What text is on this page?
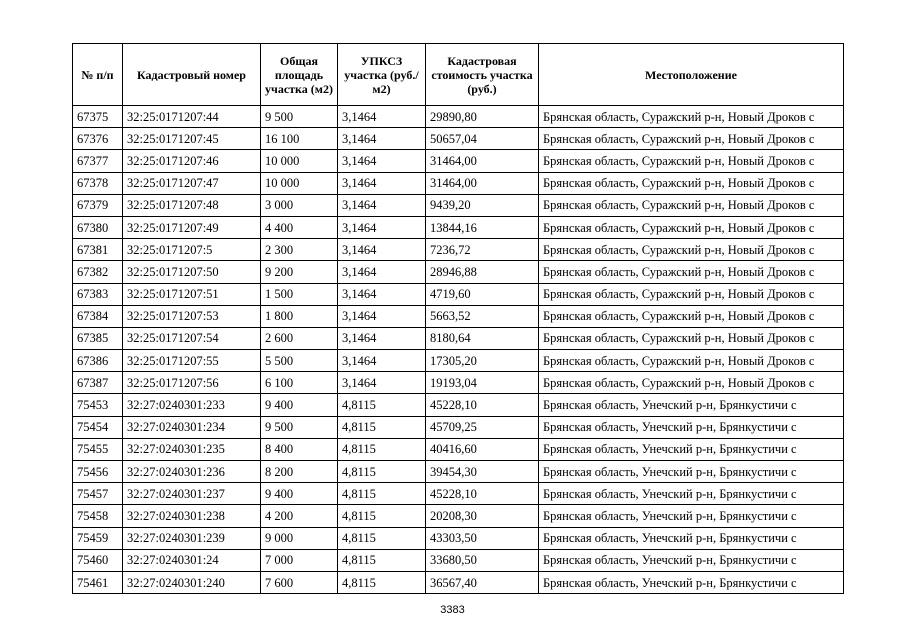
№ п/п	Кадастровый номер	Общая площадь участка (м2)	УПКСЗ участка (руб./м2)	Кадастровая стоимость участка (руб.)	Местоположение
67375	32:25:0171207:44	9 500	3,1464	29890,80	Брянская область, Суражский р-н, Новый Дроков с
67376	32:25:0171207:45	16 100	3,1464	50657,04	Брянская область, Суражский р-н, Новый Дроков с
67377	32:25:0171207:46	10 000	3,1464	31464,00	Брянская область, Суражский р-н, Новый Дроков с
67378	32:25:0171207:47	10 000	3,1464	31464,00	Брянская область, Суражский р-н, Новый Дроков с
67379	32:25:0171207:48	3 000	3,1464	9439,20	Брянская область, Суражский р-н, Новый Дроков с
67380	32:25:0171207:49	4 400	3,1464	13844,16	Брянская область, Суражский р-н, Новый Дроков с
67381	32:25:0171207:5	2 300	3,1464	7236,72	Брянская область, Суражский р-н, Новый Дроков с
67382	32:25:0171207:50	9 200	3,1464	28946,88	Брянская область, Суражский р-н, Новый Дроков с
67383	32:25:0171207:51	1 500	3,1464	4719,60	Брянская область, Суражский р-н, Новый Дроков с
67384	32:25:0171207:53	1 800	3,1464	5663,52	Брянская область, Суражский р-н, Новый Дроков с
67385	32:25:0171207:54	2 600	3,1464	8180,64	Брянская область, Суражский р-н, Новый Дроков с
67386	32:25:0171207:55	5 500	3,1464	17305,20	Брянская область, Суражский р-н, Новый Дроков с
67387	32:25:0171207:56	6 100	3,1464	19193,04	Брянская область, Суражский р-н, Новый Дроков с
75453	32:27:0240301:233	9 400	4,8115	45228,10	Брянская область, Унечский р-н, Брянкустичи с
75454	32:27:0240301:234	9 500	4,8115	45709,25	Брянская область, Унечский р-н, Брянкустичи с
75455	32:27:0240301:235	8 400	4,8115	40416,60	Брянская область, Унечский р-н, Брянкустичи с
75456	32:27:0240301:236	8 200	4,8115	39454,30	Брянская область, Унечский р-н, Брянкустичи с
75457	32:27:0240301:237	9 400	4,8115	45228,10	Брянская область, Унечский р-н, Брянкустичи с
75458	32:27:0240301:238	4 200	4,8115	20208,30	Брянская область, Унечский р-н, Брянкустичи с
75459	32:27:0240301:239	9 000	4,8115	43303,50	Брянская область, Унечский р-н, Брянкустичи с
75460	32:27:0240301:24	7 000	4,8115	33680,50	Брянская область, Унечский р-н, Брянкустичи с
75461	32:27:0240301:240	7 600	4,8115	36567,40	Брянская область, Унечский р-н, Брянкустичи с
3383
